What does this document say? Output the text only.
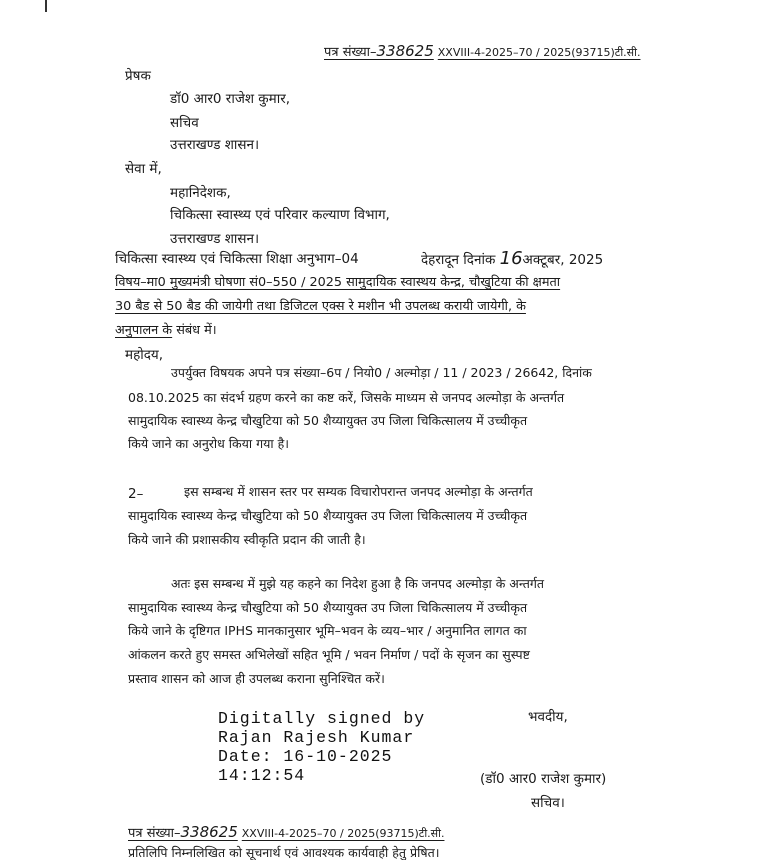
पत्र संख्या–338625 XXVIII-4-2025–70 / 2025(93715)टी.सी.
प्रेषक
डॉ0 आर0 राजेश कुमार,
सचिव
उत्तराखण्ड शासन।
सेवा में,
महानिदेशक,
चिकित्सा स्वास्थ्य एवं परिवार कल्याण विभाग,
उत्तराखण्ड शासन।
चिकित्सा स्वास्थ्य एवं चिकित्सा शिक्षा अनुभाग–04	देहरादून दिनांक 16अक्टूबर, 2025
विषय–मा0 मुख्यमंत्री घोषणा सं0–550 / 2025 सामुदायिक स्वास्थय केन्द्र, चौखुटिया की क्षमता
30 बैड से 50 बैड की जायेगी तथा डिजिटल एक्स रे मशीन भी उपलब्ध करायी जायेगी, के
अनुपालन के संबंध में।
महोदय,
उपर्युक्त विषयक अपने पत्र संख्या–6प / नियो0 / अल्मोड़ा / 11 / 2023 / 26642, दिनांक
08.10.2025 का संदर्भ ग्रहण करने का कष्ट करें, जिसके माध्यम से जनपद अल्मोड़ा के अन्तर्गत
सामुदायिक स्वास्थ्य केन्द्र चौखुटिया को 50 शैय्यायुक्त उप जिला चिकित्सालय में उच्चीकृत
किये जाने का अनुरोध किया गया है।
2–	इस सम्बन्ध में शासन स्तर पर सम्यक विचारोपरान्त जनपद अल्मोड़ा के अन्तर्गत
सामुदायिक स्वास्थ्य केन्द्र चौखुटिया को 50 शैय्यायुक्त उप जिला चिकित्सालय में उच्चीकृत
किये जाने की प्रशासकीय स्वीकृति प्रदान की जाती है।
अतः इस सम्बन्ध में मुझे यह कहने का निदेश हुआ है कि जनपद अल्मोड़ा के अन्तर्गत
सामुदायिक स्वास्थ्य केन्द्र चौखुटिया को 50 शैय्यायुक्त उप जिला चिकित्सालय में उच्चीकृत
किये जाने के दृष्टिगत IPHS मानकानुसार भूमि–भवन के व्यय–भार / अनुमानित लागत का
आंकलन करते हुए समस्त अभिलेखों सहित भूमि / भवन निर्माण / पदों के सृजन का सुस्पष्ट
प्रस्ताव शासन को आज ही उपलब्ध कराना सुनिश्चित करें।
Digitally signed by
Rajan Rajesh Kumar
Date: 16-10-2025
14:12:54
भवदीय,
(डॉ0 आर0 राजेश कुमार)
सचिव।
पत्र संख्या–338625 XXVIII-4-2025–70 / 2025(93715)टी.सी.
प्रतिलिपि निम्नलिखित को सूचनार्थ एवं आवश्यक कार्यवाही हेतु प्रेषित।
